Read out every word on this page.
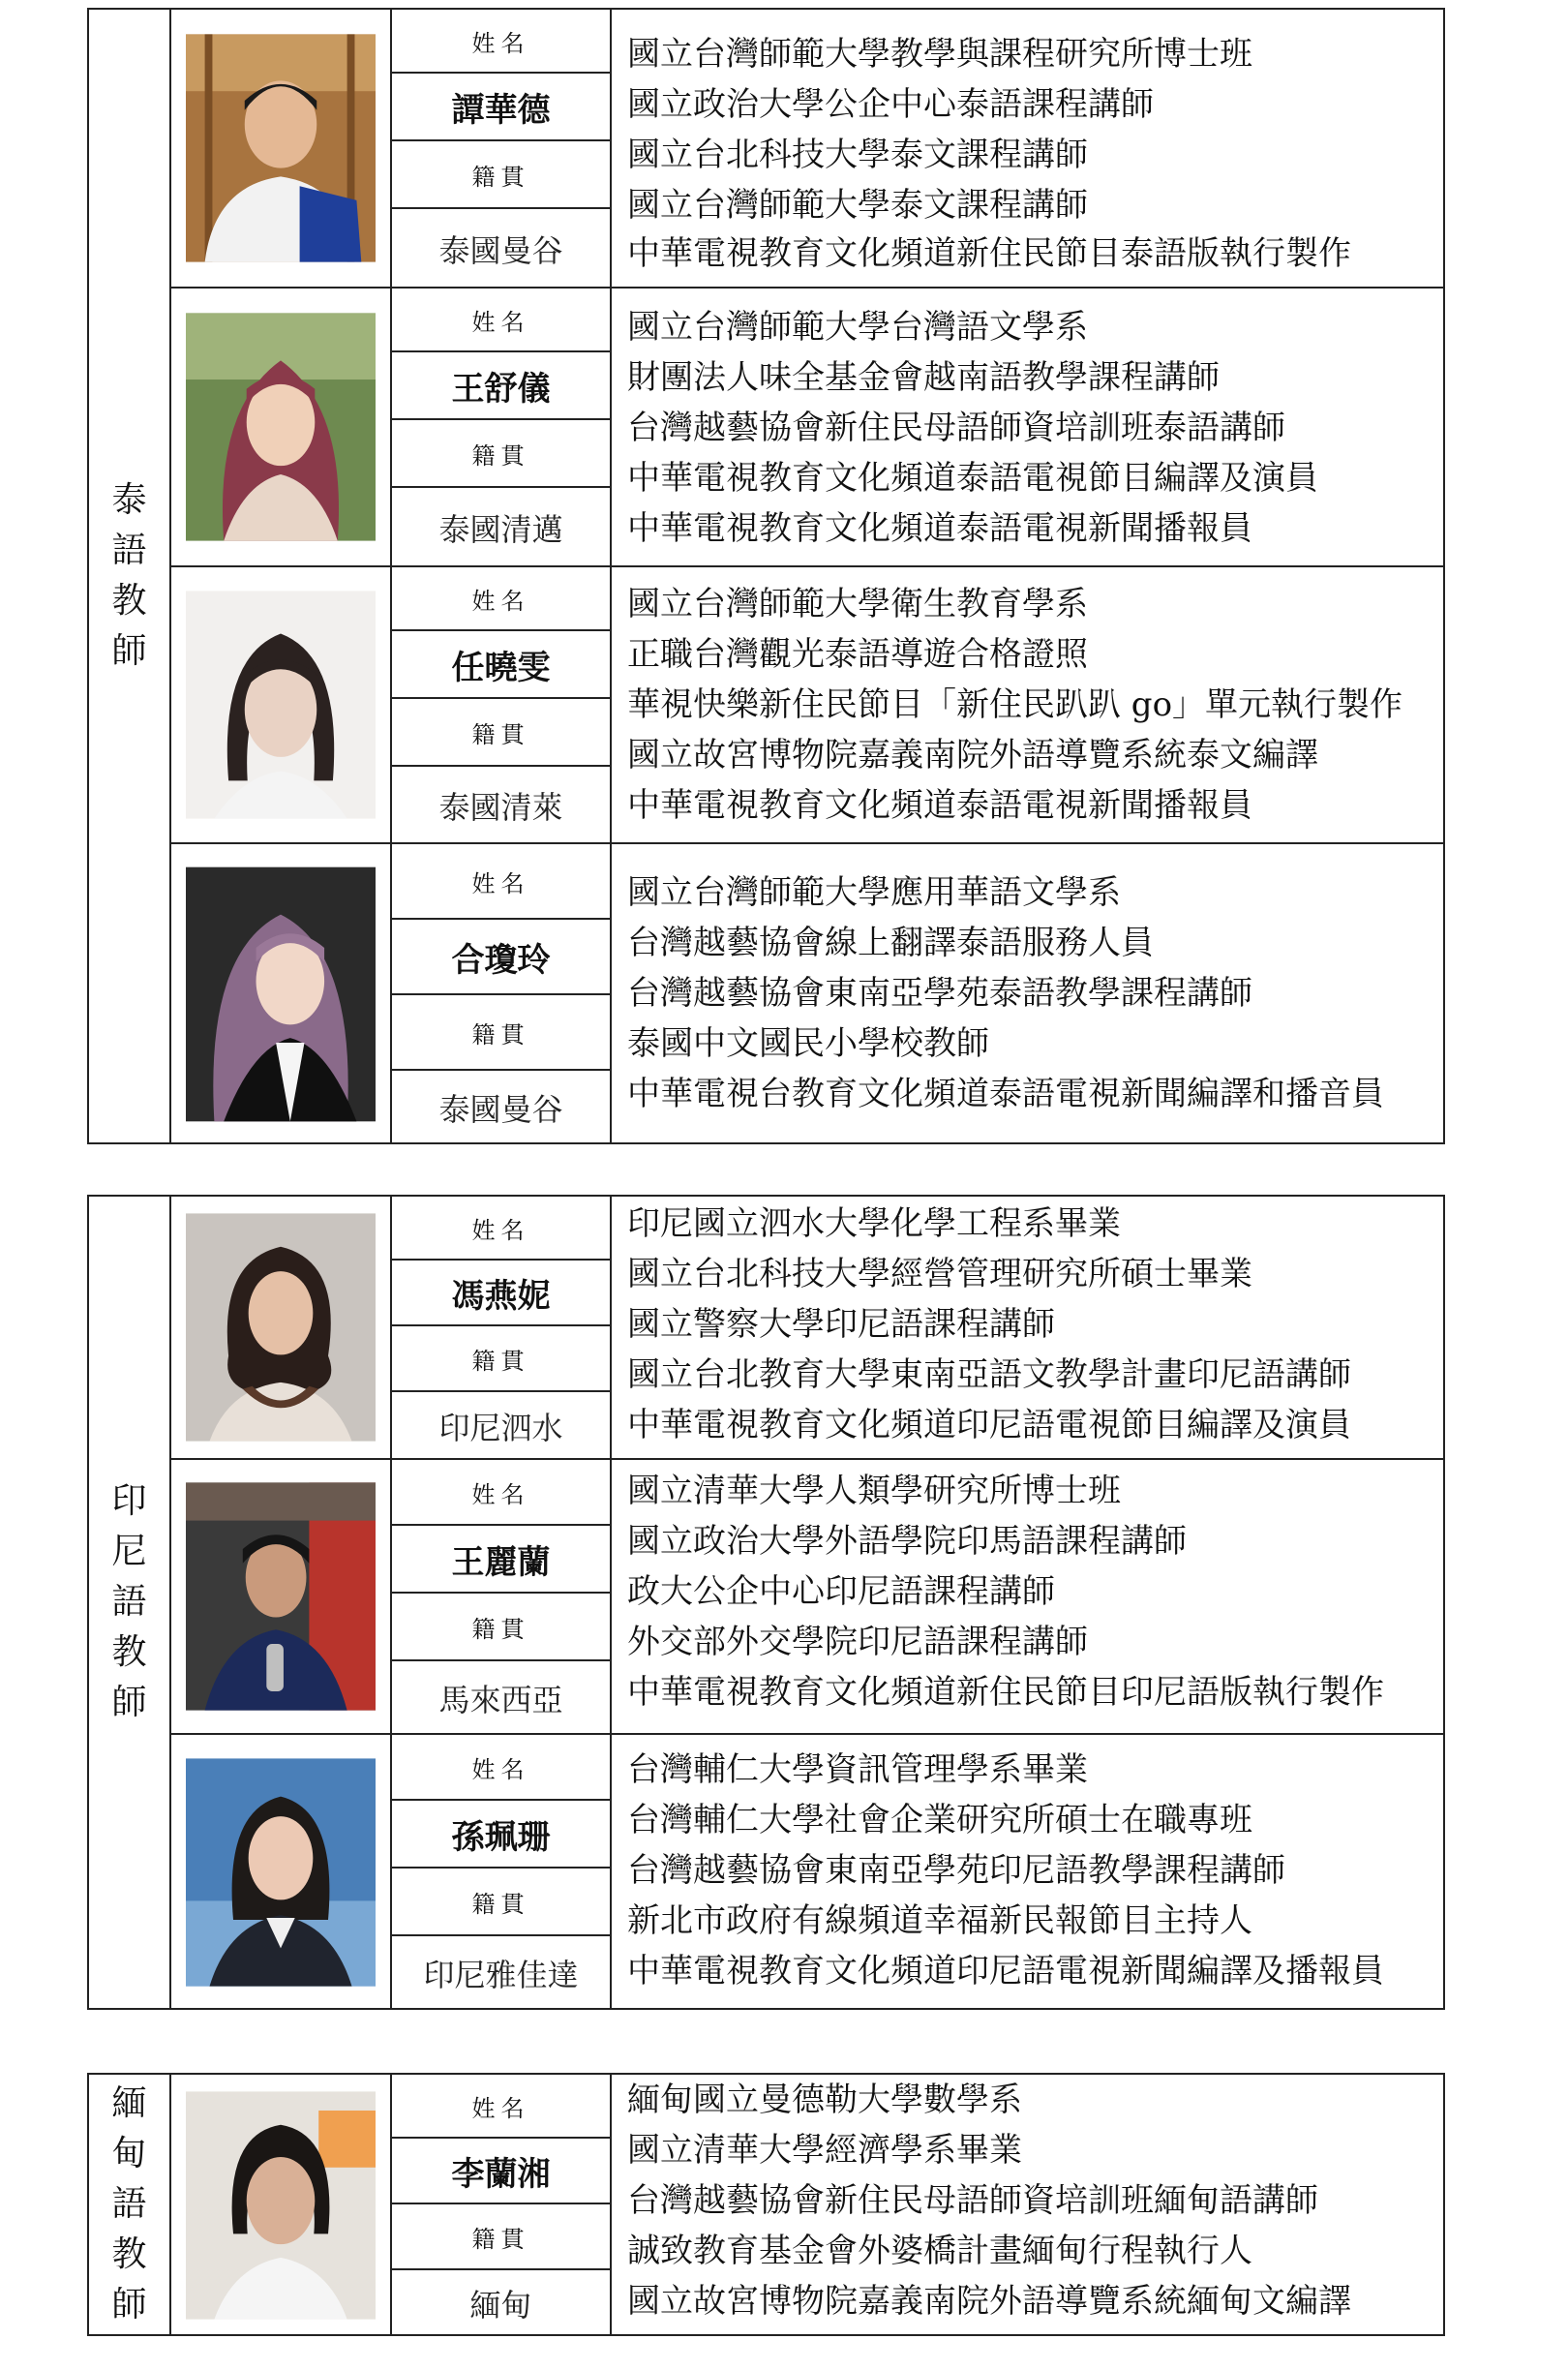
泰
語
教
師
姓名
譚華德
籍貫
泰國曼谷
國立台灣師範大學教學與課程研究所博士班
國立政治大學公企中心泰語課程講師
國立台北科技大學泰文課程講師
國立台灣師範大學泰文課程講師
中華電視教育文化頻道新住民節目泰語版執行製作
姓名
王舒儀
籍貫
泰國清邁
國立台灣師範大學台灣語文學系
財團法人味全基金會越南語教學課程講師
台灣越藝協會新住民母語師資培訓班泰語講師
中華電視教育文化頻道泰語電視節目編譯及演員
中華電視教育文化頻道泰語電視新聞播報員
姓名
任曉雯
籍貫
泰國清萊
國立台灣師範大學衛生教育學系
正職台灣觀光泰語導遊合格證照
華視快樂新住民節目「新住民趴趴 go」單元執行製作
國立故宮博物院嘉義南院外語導覽系統泰文編譯
中華電視教育文化頻道泰語電視新聞播報員
姓名
合瓊玲
籍貫
泰國曼谷
國立台灣師範大學應用華語文學系
台灣越藝協會線上翻譯泰語服務人員
台灣越藝協會東南亞學苑泰語教學課程講師
泰國中文國民小學校教師
中華電視台教育文化頻道泰語電視新聞編譯和播音員
印
尼
語
教
師
姓名
馮燕妮
籍貫
印尼泗水
印尼國立泗水大學化學工程系畢業
國立台北科技大學經營管理研究所碩士畢業
國立警察大學印尼語課程講師
國立台北教育大學東南亞語文教學計畫印尼語講師
中華電視教育文化頻道印尼語電視節目編譯及演員
姓名
王麗蘭
籍貫
馬來西亞
國立清華大學人類學研究所博士班
國立政治大學外語學院印馬語課程講師
政大公企中心印尼語課程講師
外交部外交學院印尼語課程講師
中華電視教育文化頻道新住民節目印尼語版執行製作
姓名
孫珮珊
籍貫
印尼雅佳達
台灣輔仁大學資訊管理學系畢業
台灣輔仁大學社會企業研究所碩士在職專班
台灣越藝協會東南亞學苑印尼語教學課程講師
新北市政府有線頻道幸福新民報節目主持人
中華電視教育文化頻道印尼語電視新聞編譯及播報員
緬
甸
語
教
師
姓名
李蘭湘
籍貫
緬甸
緬甸國立曼德勒大學數學系
國立清華大學經濟學系畢業
台灣越藝協會新住民母語師資培訓班緬甸語講師
誠致教育基金會外婆橋計畫緬甸行程執行人
國立故宮博物院嘉義南院外語導覽系統緬甸文編譯
